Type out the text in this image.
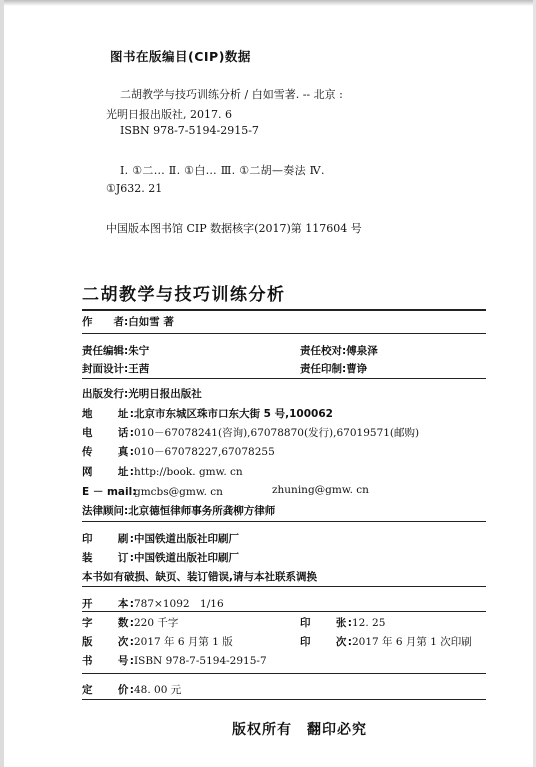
图书在版编目(CIP)数据
二胡教学与技巧训练分析 / 白如雪著. -- 北京 :
光明日报出版社, 2017. 6
ISBN 978-7-5194-2915-7
Ⅰ. ①二… Ⅱ. ①白… Ⅲ. ①二胡—奏法 Ⅳ.
①J632. 21
中国版本图书馆 CIP 数据核字(2017)第 117604 号
二胡教学与技巧训练分析
作　　者:白如雪 著
责任编辑:朱宁	责任校对:傅泉泽
封面设计:王茜	责任印制:曹诤
出版发行:光明日报出版社
地　　址:北京市东城区珠市口东大街 5 号,100062
电　　话:010－67078241(咨询),67078870(发行),67019571(邮购)
传　　真:010－67078227,67078255
网　　址:http://book. gmw. cn
E － mail:gmcbs@gmw. cn	zhuning@gmw. cn
法律顾问:北京德恒律师事务所龚柳方律师
印　　刷:中国铁道出版社印刷厂
装　　订:中国铁道出版社印刷厂
本书如有破损、缺页、装订错误,请与本社联系调换
开　　本:787×1092　1/16
字　　数:220 千字	印　　张:12. 25
版　　次:2017 年 6 月第 1 版	印　　次:2017 年 6 月第 1 次印刷
书　　号:ISBN 978-7-5194-2915-7
定　　价:48. 00 元
版权所有　翻印必究
